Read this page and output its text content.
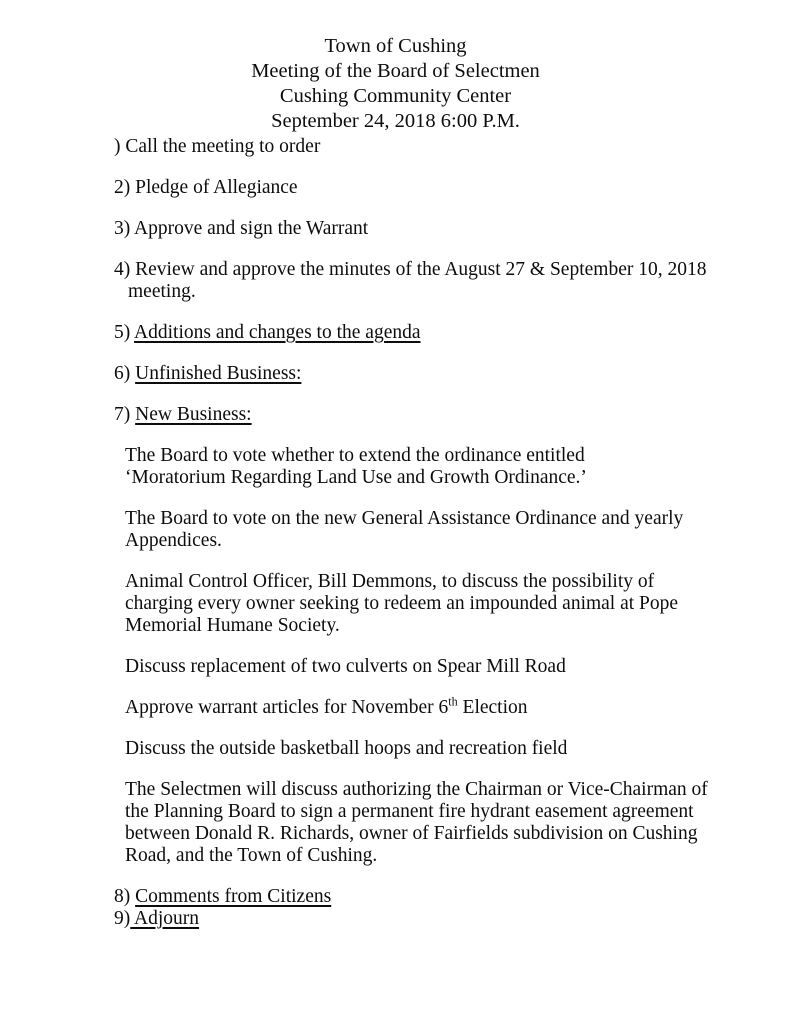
Town of Cushing
Meeting of the Board of Selectmen
Cushing Community Center
September 24, 2018 6:00 P.M.
) Call the meeting to order
2) Pledge of Allegiance
3) Approve and sign the Warrant
4) Review and approve the minutes of the August 27 & September 10, 2018
meeting.
5) Additions and changes to the agenda
6) Unfinished Business:
7) New Business:
The Board to vote whether to extend the ordinance entitled
‘Moratorium Regarding Land Use and Growth Ordinance.’
The Board to vote on the new General Assistance Ordinance and yearly
Appendices.
Animal Control Officer, Bill Demmons, to discuss the possibility of
charging every owner seeking to redeem an impounded animal at Pope
Memorial Humane Society.
Discuss replacement of two culverts on Spear Mill Road
Approve warrant articles for November 6th Election
Discuss the outside basketball hoops and recreation field
The Selectmen will discuss authorizing the Chairman or Vice-Chairman of
the Planning Board to sign a permanent fire hydrant easement agreement
between Donald R. Richards, owner of Fairfields subdivision on Cushing
Road, and the Town of Cushing.
8) Comments from Citizens
9) Adjourn
